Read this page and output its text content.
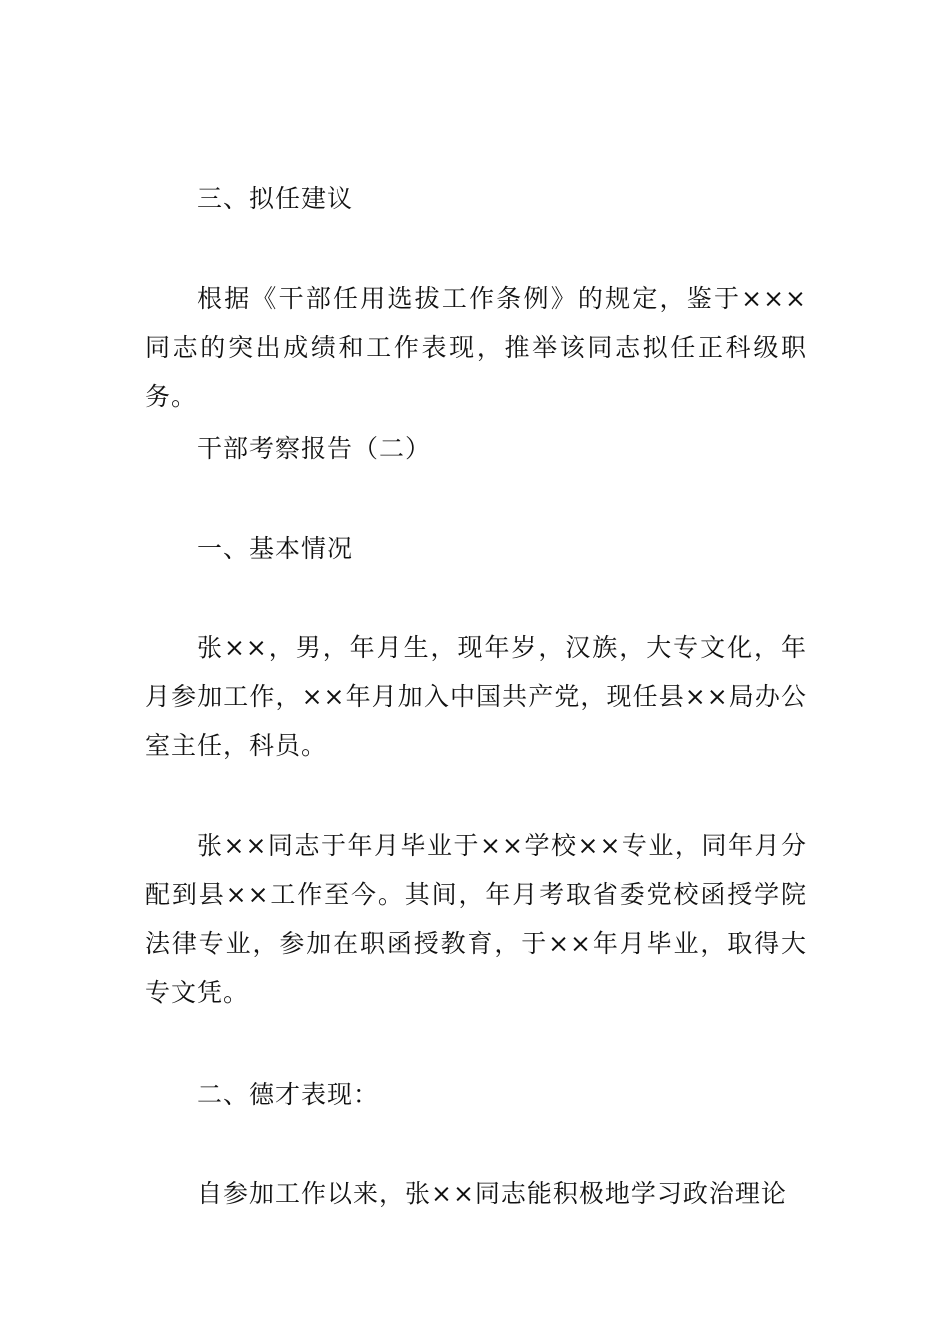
三、拟任建议

根据《干部任用选拔工作条例》的规定，鉴于×××同志的突出成绩和工作表现，推举该同志拟任正科级职务。

干部考察报告（二）

一、基本情况

张××，男，年月生，现年岁，汉族，大专文化，年月参加工作，××年月加入中国共产党，现任县××局办公室主任，科员。

张××同志于年月毕业于××学校××专业，同年月分配到县××工作至今。其间，年月考取省委党校函授学院法律专业，参加在职函授教育，于××年月毕业，取得大专文凭。

二、德才表现：

自参加工作以来，张××同志能积极地学习政治理论
